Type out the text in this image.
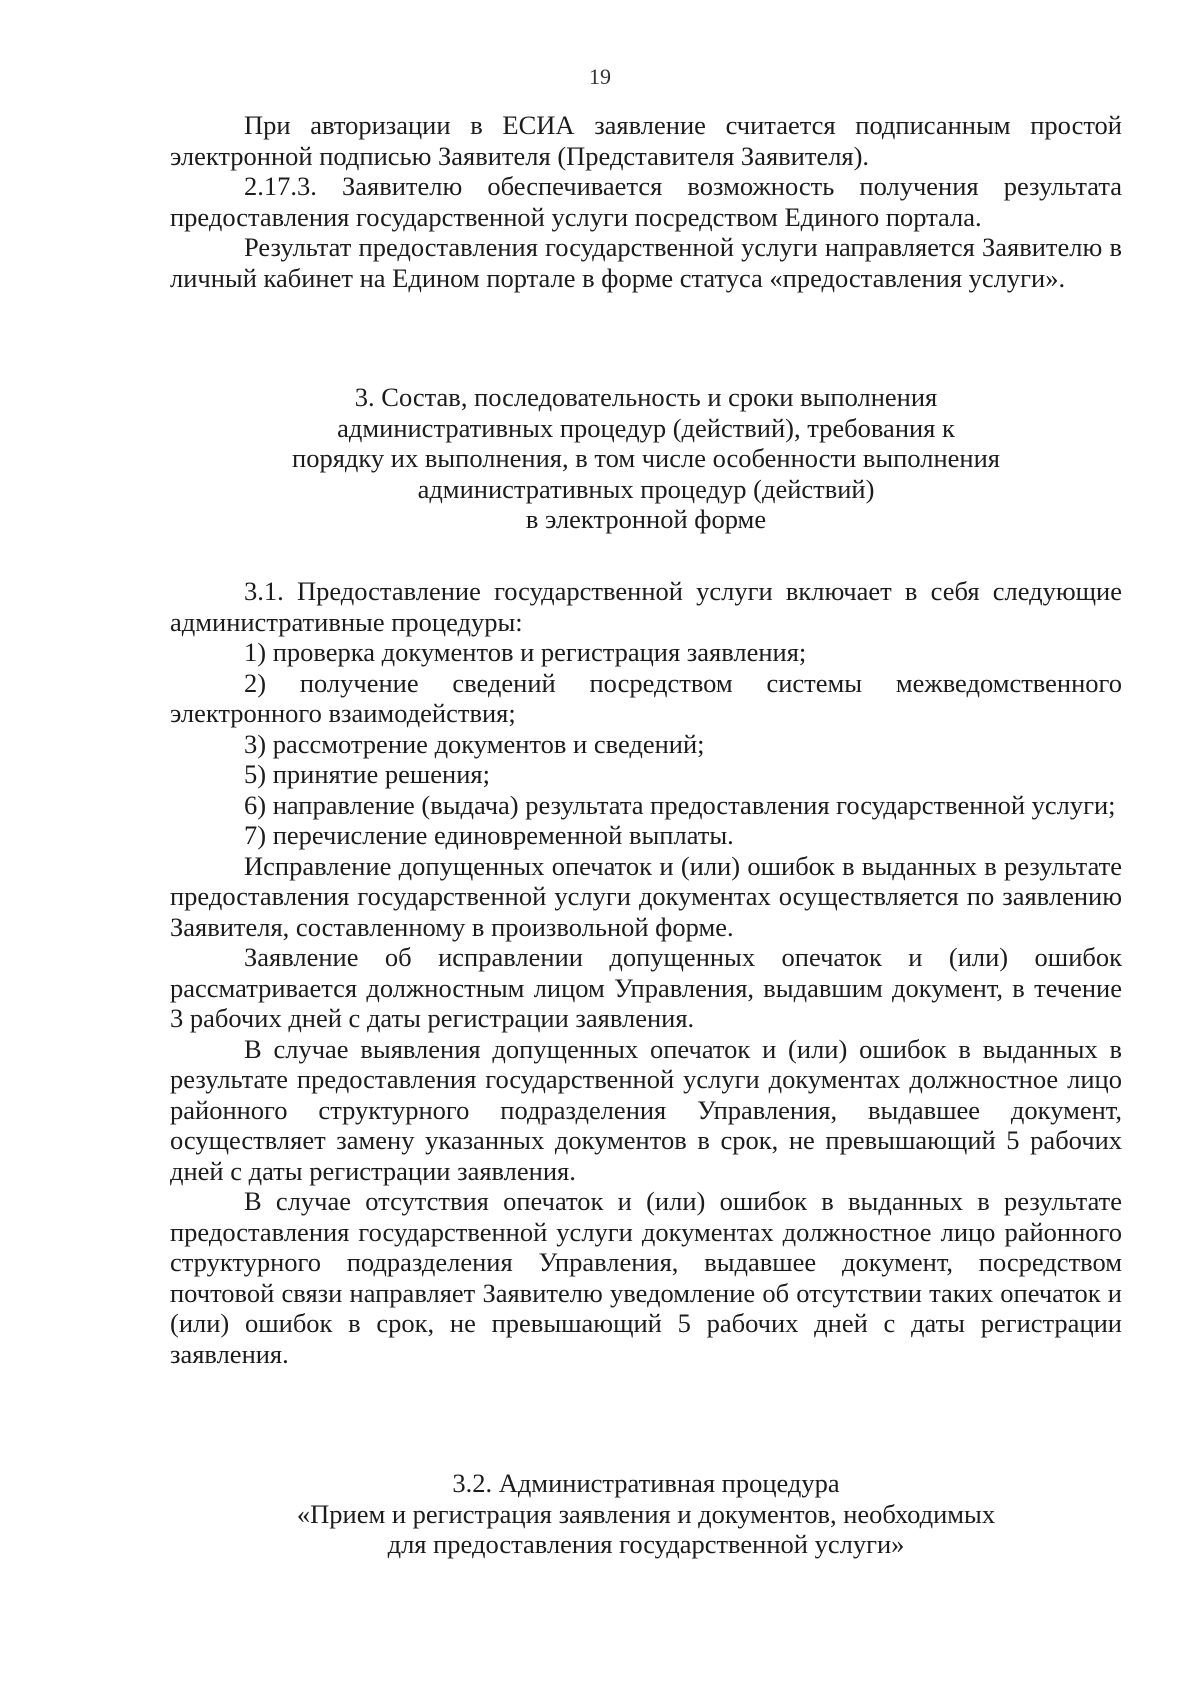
19

При авторизации в ЕСИА заявление считается подписанным простой электронной подписью Заявителя (Представителя Заявителя).

2.17.3. Заявителю обеспечивается возможность получения результата предоставления государственной услуги посредством Единого портала.

Результат предоставления государственной услуги направляется Заявителю в личный кабинет на Едином портале в форме статуса «предоставления услуги».

3. Состав, последовательность и сроки выполнения
административных процедур (действий), требования к
порядку их выполнения, в том числе особенности выполнения
административных процедур (действий)
в электронной форме

3.1. Предоставление государственной услуги включает в себя следующие административные процедуры:

1) проверка документов и регистрация заявления;

2) получение сведений посредством системы межведомственного электронного взаимодействия;

3) рассмотрение документов и сведений;

5) принятие решения;

6) направление (выдача) результата предоставления государственной услуги;

7) перечисление единовременной выплаты.

Исправление допущенных опечаток и (или) ошибок в выданных в результате предоставления государственной услуги документах осуществляется по заявлению Заявителя, составленному в произвольной форме.

Заявление об исправлении допущенных опечаток и (или) ошибок рассматривается должностным лицом Управления, выдавшим документ, в течение 3 рабочих дней с даты регистрации заявления.

В случае выявления допущенных опечаток и (или) ошибок в выданных в результате предоставления государственной услуги документах должностное лицо районного структурного подразделения Управления, выдавшее документ, осуществляет замену указанных документов в срок, не превышающий 5 рабочих дней с даты регистрации заявления.

В случае отсутствия опечаток и (или) ошибок в выданных в результате предоставления государственной услуги документах должностное лицо районного структурного подразделения Управления, выдавшее документ, посредством почтовой связи направляет Заявителю уведомление об отсутствии таких опечаток и (или) ошибок в срок, не превышающий 5 рабочих дней с даты регистрации заявления.

3.2. Административная процедура
«Прием и регистрация заявления и документов, необходимых
для предоставления государственной услуги»
